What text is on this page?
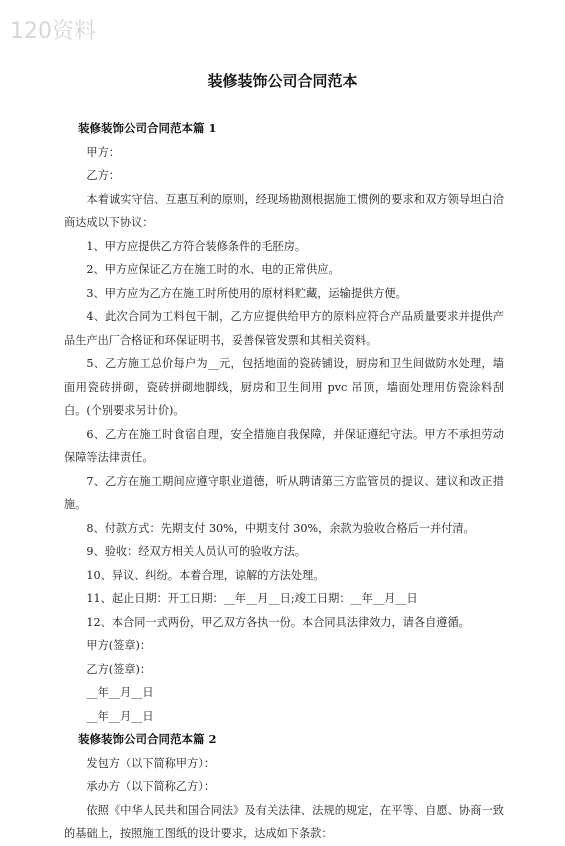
120资料
装修装饰公司合同范本

装修装饰公司合同范本篇 1

甲方：

乙方：

本着诚实守信、互惠互利的原则，经现场勘测根据施工惯例的要求和双方领导坦白洽商达成以下协议：

1、甲方应提供乙方符合装修条件的毛胚房。

2、甲方应保证乙方在施工时的水、电的正常供应。

3、甲方应为乙方在施工时所使用的原材料贮藏，运输提供方便。

4、此次合同为工料包干制，乙方应提供给甲方的原料应符合产品质量要求并提供产品生产出厂合格证和环保证明书，妥善保管发票和其相关资料。

5、乙方施工总价每户为__元，包括地面的瓷砖铺设，厨房和卫生间做防水处理，墙面用瓷砖拼砌，瓷砖拼砌地脚线，厨房和卫生间用 pvc 吊顶，墙面处理用仿瓷涂料刮白。(个别要求另计价)。

6、乙方在施工时食宿自理，安全措施自我保障，并保证遵纪守法。甲方不承担劳动保障等法律责任。

7、乙方在施工期间应遵守职业道德，听从聘请第三方监管员的提议、建议和改正措施。

8、付款方式：先期支付 30%，中期支付 30%，余款为验收合格后一并付清。

9、验收：经双方相关人员认可的验收方法。

10、异议、纠纷。本着合理，谅解的方法处理。

11、起止日期：开工日期：__年__月__日;竣工日期：__年__月__日

12、本合同一式两份，甲乙双方各执一份。本合同具法律效力，请各自遵循。

甲方(签章)：

乙方(签章)：

__年__月__日

__年__月__日

装修装饰公司合同范本篇 2

发包方（以下简称甲方）：

承办方（以下简称乙方）：

依照《中华人民共和国合同法》及有关法律、法规的规定，在平等、自愿、协商一致的基础上，按照施工图纸的设计要求，达成如下条款：
